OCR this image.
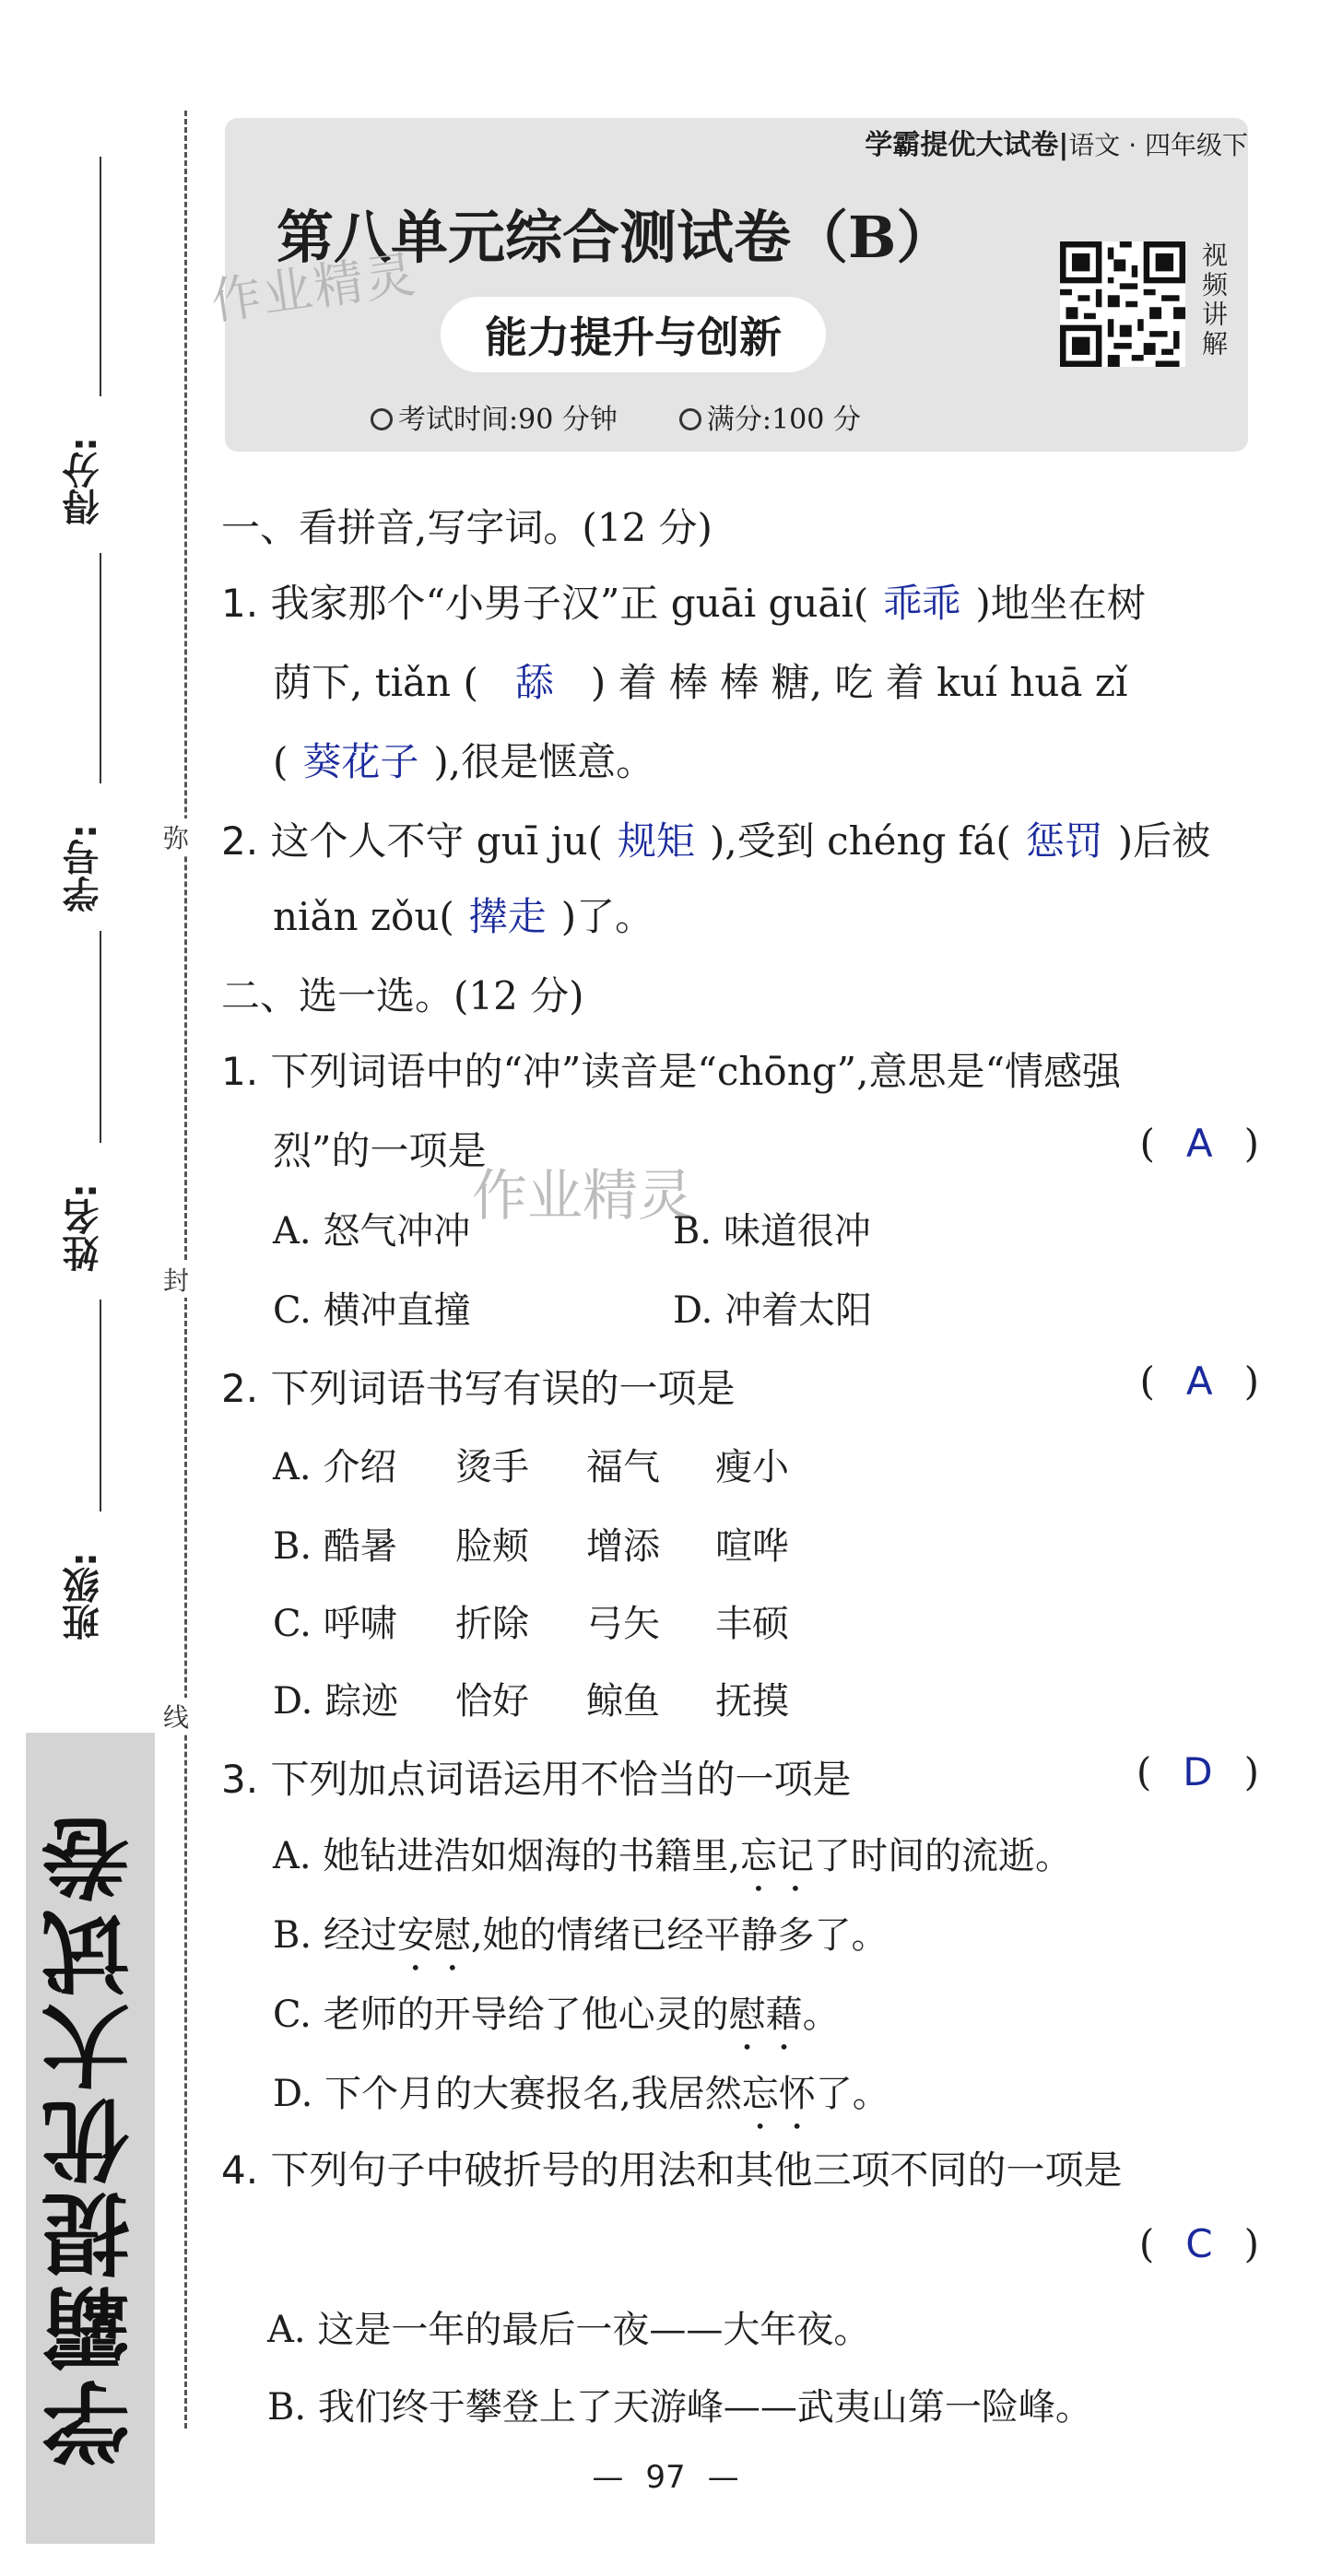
得分:
学号:
姓名:
班级:
学霸提优大试卷
弥
封
线
学霸提优大试卷|语文 · 四年级下
第八单元综合测试卷（B）
作业精灵
能力提升与创新	视频讲解
考试时间:90 分钟	满分:100 分
一、看拼音,写字词。(12 分)
1. 我家那个“小男子汉”正 guāi guāi( 乖乖 )地坐在树
荫下, tiǎn ( 舔 ) 着 棒 棒 糖, 吃 着 kuí huā zǐ
( 葵花子 ),很是惬意。
2. 这个人不守 guī ju( 规矩 ),受到 chéng fá( 惩罚 )后被
niǎn zǒu( 撵走 )了。
二、选一选。(12 分)
1. 下列词语中的“冲”读音是“chōng”,意思是“情感强
烈”的一项是	( A )
作业精灵
A. 怒气冲冲	B. 味道很冲
C. 横冲直撞	D. 冲着太阳
2. 下列词语书写有误的一项是	( A )
A. 介绍 烫手 福气 瘦小
B. 酷暑 脸颊 增添 喧哗
C. 呼啸 折除 弓矢 丰硕
D. 踪迹 恰好 鲸鱼 抚摸
3. 下列加点词语运用不恰当的一项是	( D )
A. 她钻进浩如烟海的书籍里,忘记了时间的流逝。
B. 经过安慰,她的情绪已经平静多了。
C. 老师的开导给了他心灵的慰藉。
D. 下个月的大赛报名,我居然忘怀了。
4. 下列句子中破折号的用法和其他三项不同的一项是
( C )
A. 这是一年的最后一夜——大年夜。
B. 我们终于攀登上了天游峰——武夷山第一险峰。
— 97 —
